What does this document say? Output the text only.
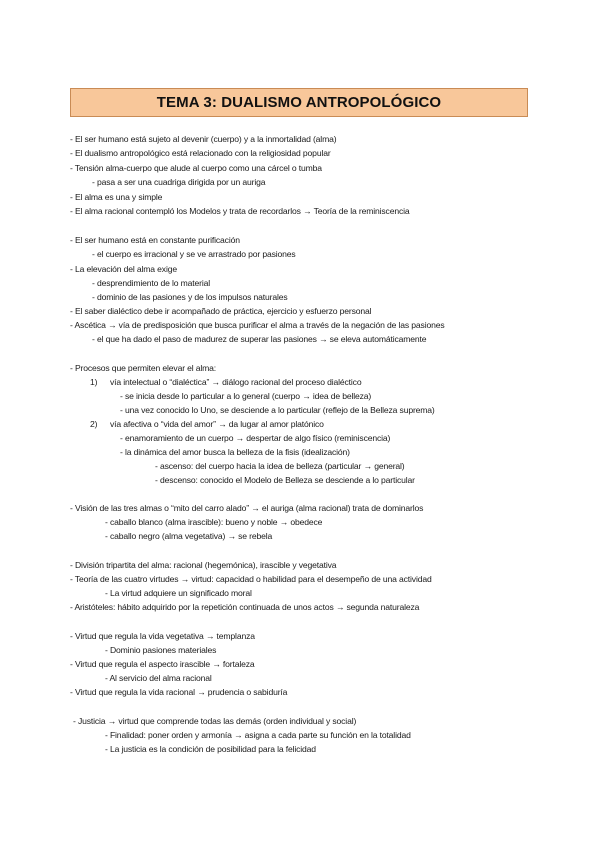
TEMA 3: DUALISMO ANTROPOLÓGICO
- El ser humano está sujeto al devenir (cuerpo) y a la inmortalidad (alma)
- El dualismo antropológico está relacionado con la religiosidad popular
- Tensión alma-cuerpo que alude al cuerpo como una cárcel o tumba
- pasa a ser una cuadriga dirigida por un auriga
- El alma es una y simple
- El alma racional contempló los Modelos y trata de recordarlos → Teoría de la reminiscencia
- El ser humano está en constante purificación
- el cuerpo es irracional y se ve arrastrado por pasiones
- La elevación del alma exige
- desprendimiento de lo material
- dominio de las pasiones y de los impulsos naturales
- El saber dialéctico debe ir acompañado de práctica, ejercicio y esfuerzo personal
- Ascética → vía de predisposición que busca purificar el alma a través de la negación de las pasiones
- el que ha dado el paso de madurez de superar las pasiones → se eleva automáticamente
- Procesos que permiten elevar el alma:
1) vía intelectual o “dialéctica” → diálogo racional del proceso dialéctico
- se inicia desde lo particular a lo general (cuerpo → idea de belleza)
- una vez conocido lo Uno, se desciende a lo particular (reflejo de la Belleza suprema)
2) vía afectiva o “vida del amor” → da lugar al amor platónico
- enamoramiento de un cuerpo → despertar de algo físico (reminiscencia)
- la dinámica del amor busca la belleza de la fisis (idealización)
- ascenso: del cuerpo hacia la idea de belleza (particular → general)
- descenso: conocido el Modelo de Belleza se desciende a lo particular
- Visión de las tres almas o “mito del carro alado” → el auriga (alma racional) trata de dominarlos
- caballo blanco (alma irascible): bueno y noble → obedece
- caballo negro (alma vegetativa) → se rebela
- División tripartita del alma: racional (hegemónica), irascible y vegetativa
- Teoría de las cuatro virtudes → virtud: capacidad o habilidad para el desempeño de una actividad
- La virtud adquiere un significado moral
- Aristóteles: hábito adquirido por la repetición continuada de unos actos → segunda naturaleza
- Virtud que regula la vida vegetativa → templanza
- Dominio pasiones materiales
- Virtud que regula el aspecto irascible → fortaleza
- Al servicio del alma racional
- Virtud que regula la vida racional → prudencia o sabiduría
- Justicia → virtud que comprende todas las demás (orden individual y social)
- Finalidad: poner orden y armonía → asigna a cada parte su función en la totalidad
- La justicia es la condición de posibilidad para la felicidad
